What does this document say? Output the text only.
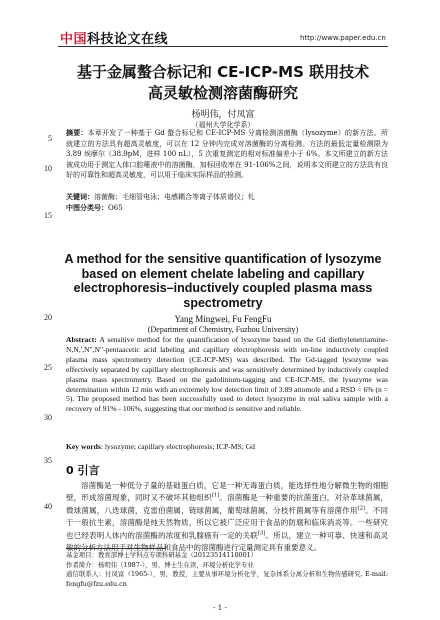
中国科技论文在线	http://www.paper.edu.cn
5
10
15
20
25
30
35
40
基于金属螯合标记和 CE-ICP-MS 联用技术
高灵敏检测溶菌酶研究
杨明伟，付凤富
（福州大学化学系）
摘要：本章开发了一种基于 Gd 螯合标记和 CE-ICP-MS 分离检测溶菌酶（lysozyme）的新方法。所就建立的方法具有超高灵敏度，可以在 12 分钟内完成对溶菌酶的分离检测。方法的最低定量检测限为 3.89 埃摩尔（38.9pM，进样 100 nL），5 次重复测定的相对标准偏差小于 6%。本文所建立的新方法被成功用于测定人体口腔唾液中的溶菌酶，加标回收率在 91-106%之间，说明本文所建立的方法具有良好的可靠性和超高灵敏度，可以用于临床实际样品的检测。
关键词：溶菌酶；毛细管电泳；电感耦合等离子体质谱仪；钆
中图分类号：O65
A method for the sensitive quantification of lysozyme based on element chelate labeling and capillary electrophoresis–inductively coupled plasma mass spectrometry
Yang Mingwei, Fu FengFu
(Department of Chemistry, Fuzhou University)
Abstract: A sensitive method for the quantification of lysozyme based on the Gd diethylenetriamine-N,N,',N",N"-pentaacetic acid labeling and capillary electrophoresis with on-line inductively coupled plasma mass spectrometry detection (CE-ICP-MS) was described. The Gd-tagged lysozyme was effectively separated by capillary electrophoresis and was sensitively determined by inductively coupled plasma mass spectrometry. Based on the gadolinium-tagging and CE-ICP-MS, the lysozyme was determination within 12 min with an extremely low detection limit of 3.89 attomole and a RSD < 6% (n = 5). The proposed method has been successfully used to detect lysozyme in real saliva sample with a recovery of 91% - 106%, suggesting that our method is sensitive and reliable.
Key words: lysozyme; capillary electrophoresis; ICP-MS; Gd
0 引言
溶菌酶是一种低分子量的基础蛋白质，它是一种无毒蛋白质，能选择性地分解微生物的细胞壁，形成溶菌现象，同时又不破坏其他组织[1]。溶菌酶是一种重要的抗菌蛋白，对杂革球菌属，微球菌属，八迭球菌，克雷伯菌属，链球菌属，葡萄球菌属，分枝杆菌属等有溶菌作用[2]。不同于一般抗生素，溶菌酶是纯天然物质，所以它被广泛应用于食品的防腐和临床消炎等。一些研究也已经表明人体内的溶菌酶的浓度和乳腺癌有一定的关联[3]。所以，建立一种可靠、快速和高灵敏的分析方法用于对生物样品和食品中的溶菌酶进行定量测定具有重要意义。
基金项目：教育部博士学科点专项科研基金（20123514110001）
作者简介：杨明伟（1987-），男，博士生在读，环境分析化学专业
通信联系人：付凤富（1965-），男，教授，主要从事环境分析化学，复杂体系分离分析和生物传感研究. E-mail: fengfu@fzu.edu.cn
- 1 -
